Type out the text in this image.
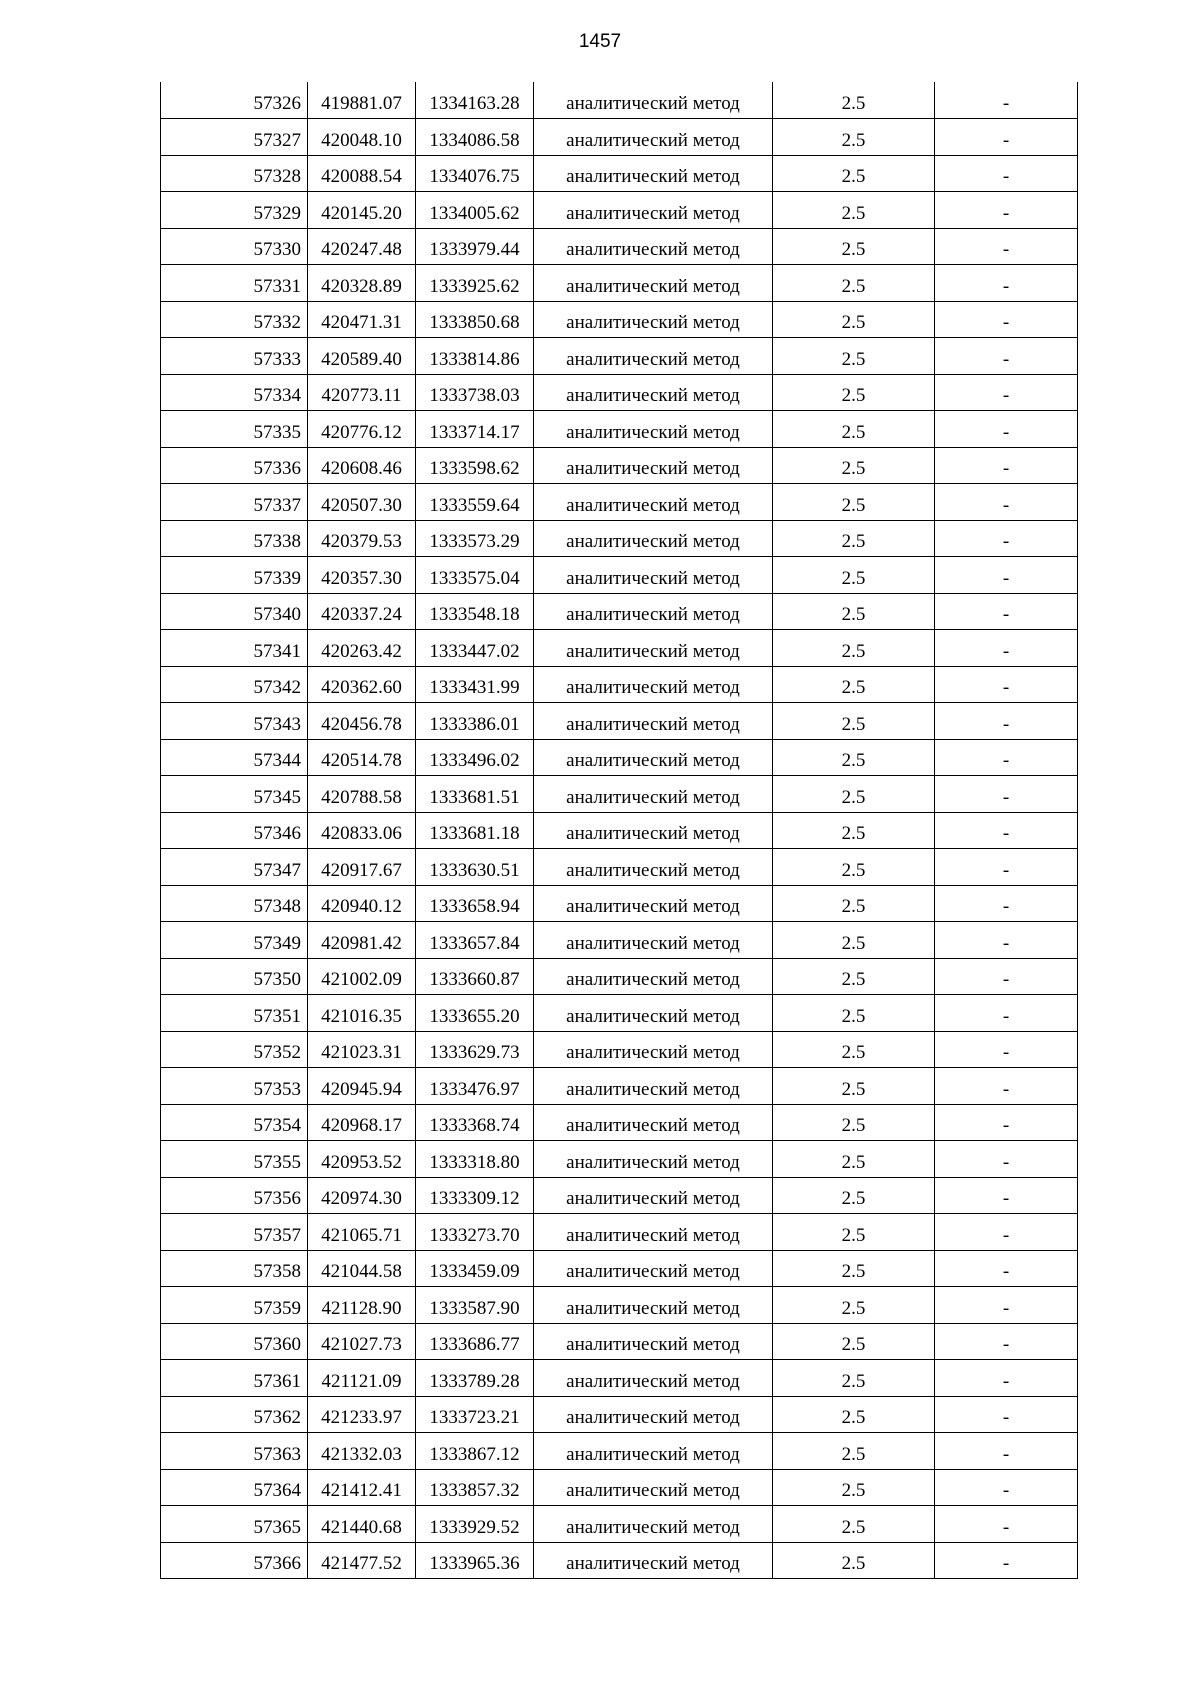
1457
57326	419881.07	1334163.28	аналитический метод	2.5	-
57327	420048.10	1334086.58	аналитический метод	2.5	-
57328	420088.54	1334076.75	аналитический метод	2.5	-
57329	420145.20	1334005.62	аналитический метод	2.5	-
57330	420247.48	1333979.44	аналитический метод	2.5	-
57331	420328.89	1333925.62	аналитический метод	2.5	-
57332	420471.31	1333850.68	аналитический метод	2.5	-
57333	420589.40	1333814.86	аналитический метод	2.5	-
57334	420773.11	1333738.03	аналитический метод	2.5	-
57335	420776.12	1333714.17	аналитический метод	2.5	-
57336	420608.46	1333598.62	аналитический метод	2.5	-
57337	420507.30	1333559.64	аналитический метод	2.5	-
57338	420379.53	1333573.29	аналитический метод	2.5	-
57339	420357.30	1333575.04	аналитический метод	2.5	-
57340	420337.24	1333548.18	аналитический метод	2.5	-
57341	420263.42	1333447.02	аналитический метод	2.5	-
57342	420362.60	1333431.99	аналитический метод	2.5	-
57343	420456.78	1333386.01	аналитический метод	2.5	-
57344	420514.78	1333496.02	аналитический метод	2.5	-
57345	420788.58	1333681.51	аналитический метод	2.5	-
57346	420833.06	1333681.18	аналитический метод	2.5	-
57347	420917.67	1333630.51	аналитический метод	2.5	-
57348	420940.12	1333658.94	аналитический метод	2.5	-
57349	420981.42	1333657.84	аналитический метод	2.5	-
57350	421002.09	1333660.87	аналитический метод	2.5	-
57351	421016.35	1333655.20	аналитический метод	2.5	-
57352	421023.31	1333629.73	аналитический метод	2.5	-
57353	420945.94	1333476.97	аналитический метод	2.5	-
57354	420968.17	1333368.74	аналитический метод	2.5	-
57355	420953.52	1333318.80	аналитический метод	2.5	-
57356	420974.30	1333309.12	аналитический метод	2.5	-
57357	421065.71	1333273.70	аналитический метод	2.5	-
57358	421044.58	1333459.09	аналитический метод	2.5	-
57359	421128.90	1333587.90	аналитический метод	2.5	-
57360	421027.73	1333686.77	аналитический метод	2.5	-
57361	421121.09	1333789.28	аналитический метод	2.5	-
57362	421233.97	1333723.21	аналитический метод	2.5	-
57363	421332.03	1333867.12	аналитический метод	2.5	-
57364	421412.41	1333857.32	аналитический метод	2.5	-
57365	421440.68	1333929.52	аналитический метод	2.5	-
57366	421477.52	1333965.36	аналитический метод	2.5	-
